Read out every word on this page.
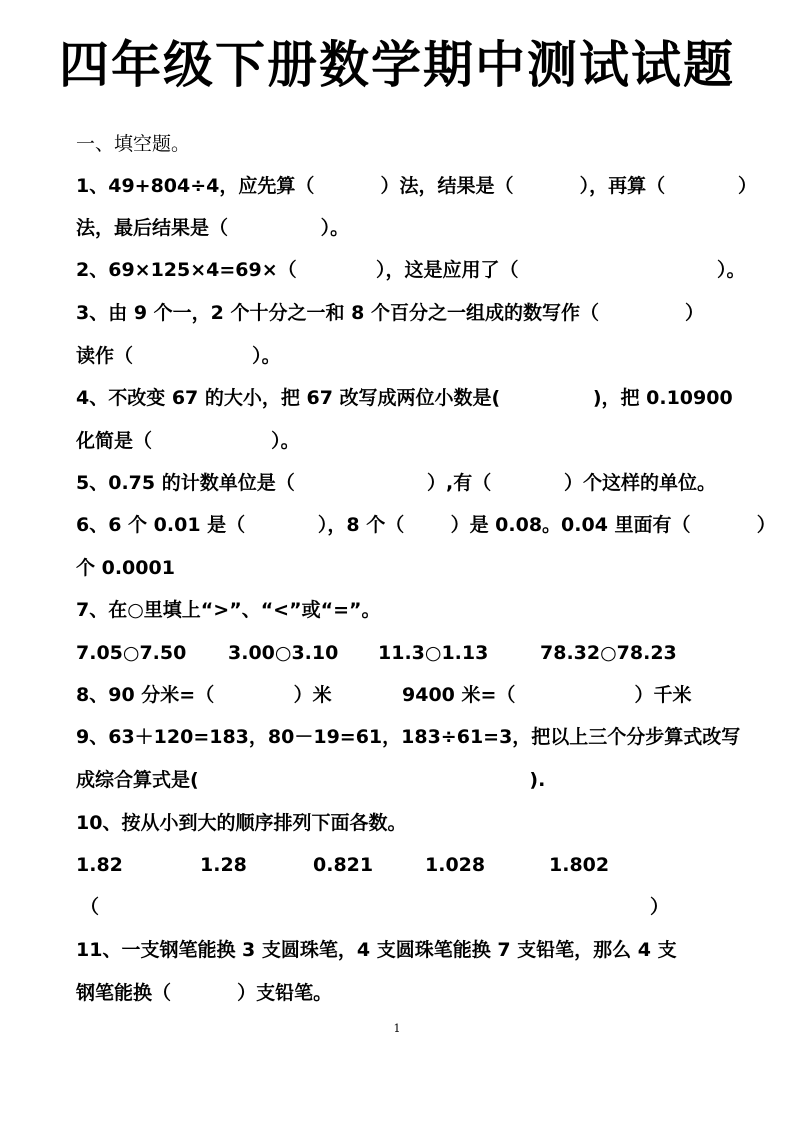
四年级下册数学期中测试试题
一、填空题。
1、49+804÷4，应先算（          ）法，结果是（          ），再算（           ）
法，最后结果是（              ）。
2、69×125×4=69×（            ），这是应用了（                              ）。
3、由 9 个一，2 个十分之一和 8 个百分之一组成的数写作（             ）
读作（                  ）。
4、不改变 67 的大小，把 67 改写成两位小数是(              )，把 0.10900
化简是（                  ）。
5、0.75 的计数单位是（                    ）,有（           ）个这样的单位。
6、6 个 0.01 是（           ），8 个（       ）是 0.08。0.04 里面有（          ）
个 0.0001
7、在○里填上“>”、“<”或“=”。
7.05○7.50 3.00○3.10 11.3○1.13	78.32○78.23
8、90 分米=（            ）米	9400 米=（                  ）千米
9、63＋120=183，80－19=61，183÷61=3，把以上三个分步算式改写
成综合算式是(                                                  ).
10、按从小到大的顺序排列下面各数。
1.82	1.28	0.821	1.028	1.802
（	）
11、一支钢笔能换 3 支圆珠笔，4 支圆珠笔能换 7 支铅笔，那么 4 支
钢笔能换（          ）支铅笔。
1
